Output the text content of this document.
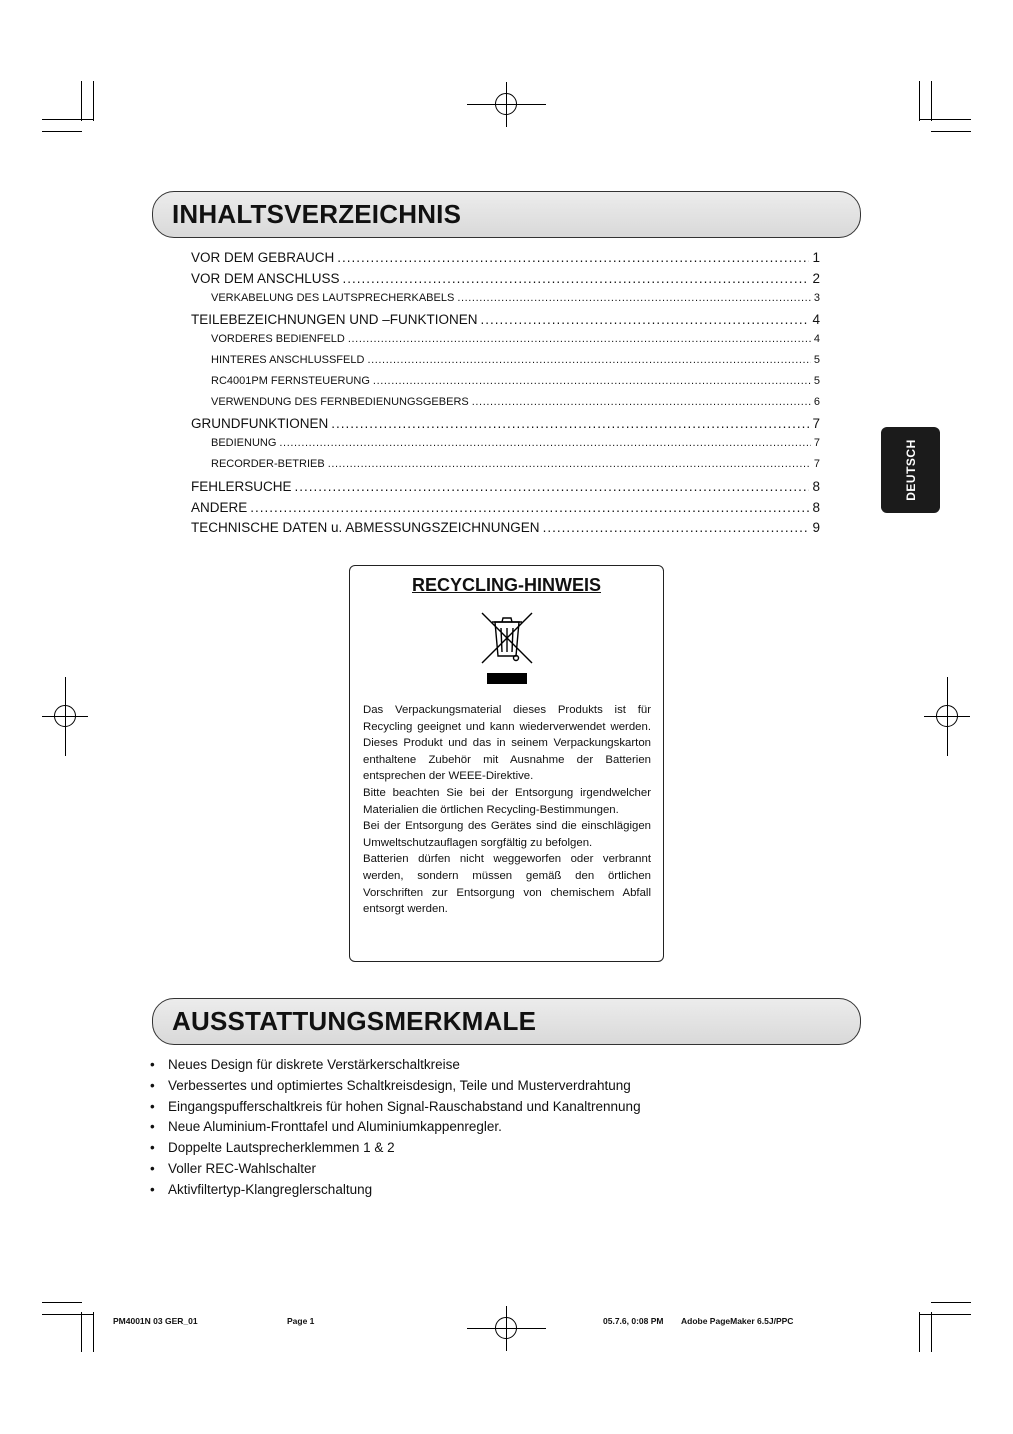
INHALTSVERZEICHNIS
VOR DEM GEBRAUCH .....	1
VOR DEM ANSCHLUSS .....	2
VERKABELUNG DES LAUTSPRECHERKABELS .....	3
TEILEBEZEICHNUNGEN UND –FUNKTIONEN .....	4
VORDERES BEDIENFELD .....	4
HINTERES ANSCHLUSSFELD .....	5
RC4001PM FERNSTEUERUNG .....	5
VERWENDUNG DES FERNBEDIENUNGSGEBERS .....	6
GRUNDFUNKTIONEN .....	7
BEDIENUNG .....	7
RECORDER-BETRIEB .....	7
FEHLERSUCHE .....	8
ANDERE .....	8
TECHNISCHE DATEN u. ABMESSUNGSZEICHNUNGEN .....	9
DEUTSCH
RECYCLING-HINWEIS

Das Verpackungsmaterial dieses Produkts ist für Recycling geeignet und kann wiederverwendet werden. Dieses Produkt und das in seinem Verpackungskarton enthaltene Zubehör mit Ausnahme der Batterien entsprechen der WEEE-Direktive.

Bitte beachten Sie bei der Entsorgung irgendwelcher Materialien die örtlichen Recycling-Bestimmungen.

Bei der Entsorgung des Gerätes sind die einschlägigen Umweltschutzauflagen sorgfältig zu befolgen.

Batterien dürfen nicht weggeworfen oder verbrannt werden, sondern müssen gemäß den örtlichen Vorschriften zur Entsorgung von chemischem Abfall entsorgt werden.

AUSSTATTUNGSMERKMALE
• Neues Design für diskrete Verstärkerschaltkreise
• Verbessertes und optimiertes Schaltkreisdesign, Teile und Musterverdrahtung
• Eingangspufferschaltkreis für hohen Signal-Rauschabstand und Kanaltrennung
• Neue Aluminium-Fronttafel und Aluminiumkappenregler.
• Doppelte Lautsprecherklemmen 1 & 2
• Voller REC-Wahlschalter
• Aktivfiltertyp-Klangreglerschaltung
PM4001N 03 GER_01	Page 1	05.7.6, 0:08 PM Adobe PageMaker 6.5J/PPC
